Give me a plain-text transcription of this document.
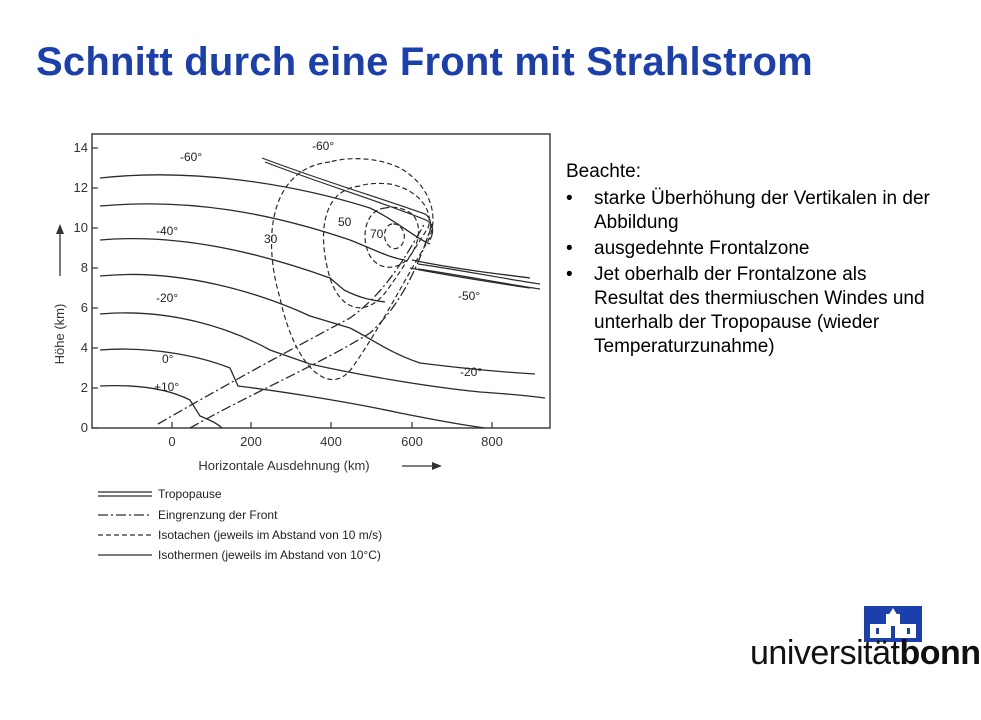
Schnitt durch eine Front mit Strahlstrom
14
12
10
8
6
4
2
0
0	200	400	600	800
Höhe (km)
Horizontale Ausdehnung (km)
-60°
-60°
-40°
-20°
0°
+10°
-50°
-20°
30
50
70
Tropopause
Eingrenzung der Front
Isotachen (jeweils im Abstand von 10 m/s)
Isothermen (jeweils im Abstand von 10°C)

Beachte:

• starke Überhöhung der Vertikalen in der Abbildung
• ausgedehnte Frontalzone
• Jet oberhalb der Frontalzone als Resultat des thermiuschen Windes und unterhalb der Tropopause (wieder Temperaturzunahme)
universitätbonn
